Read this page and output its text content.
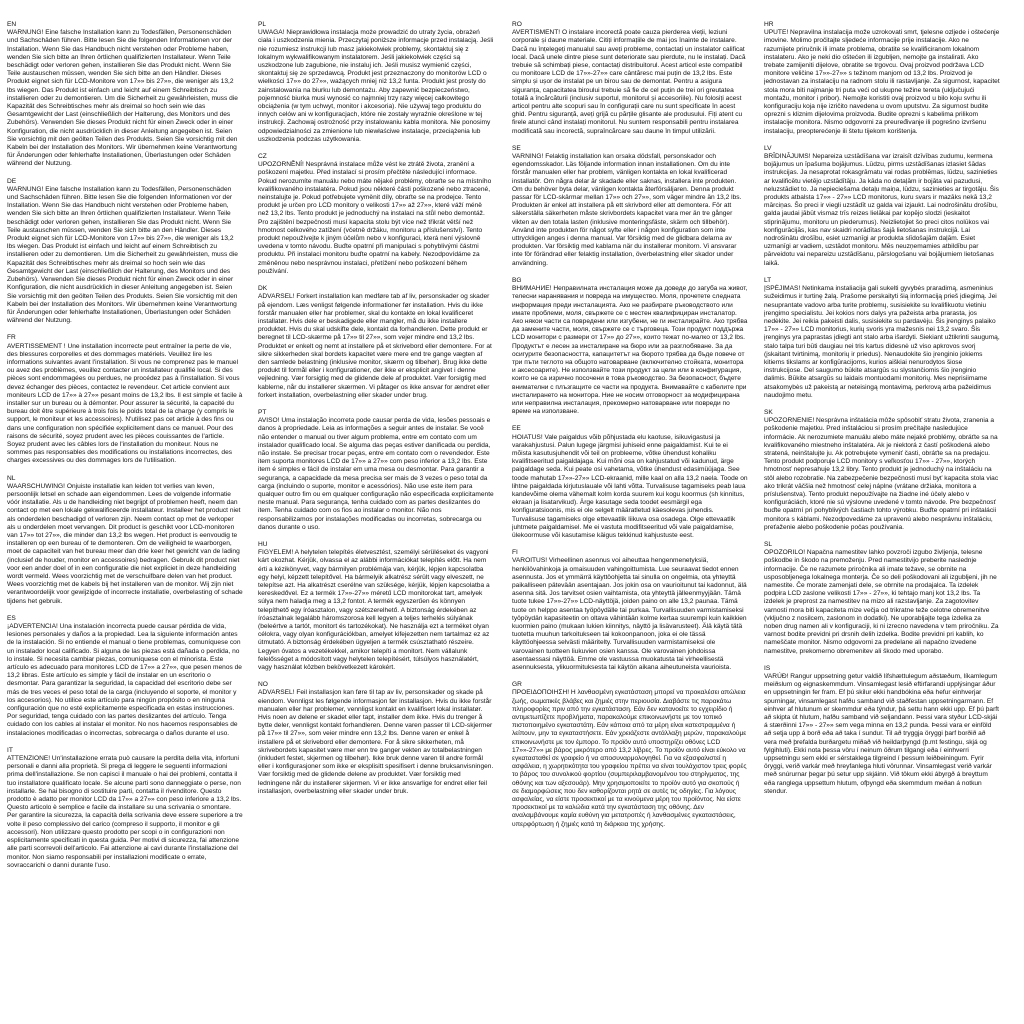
EN
WARNUNG! Eine falsche Installation kann zu Todesfällen, Personenschäden und Sachschäden führen. Bitte lesen Sie die folgenden Informationen vor der Installation. Wenn Sie das Handbuch nicht verstehen oder Probleme haben, wenden Sie sich bitte an Ihren örtlichen qualifizierten Installateur. Wenn Teile beschädigt oder verloren gehen, installieren Sie das Produkt nicht. Wenn Sie Teile austauschen müssen, wenden Sie sich bitte an den Händler. Dieses Produkt eignet sich für LCD-Monitore von 17»» bis 27»», die weniger als 13,2 lbs wiegen. Das Produkt ist einfach und leicht auf einem Schreibtisch zu installieren oder zu demontieren. Um die Sicherheit zu gewährleisten, muss die Kapazität des Schreibtisches mehr als dreimal so hoch sein wie das Gesamtgewicht der Last (einschließlich der Halterung, des Monitors und des Zubehörs). Verwenden Sie dieses Produkt nicht für einen Zweck oder in einer Konfiguration, die nicht ausdrücklich in dieser Anleitung angegeben ist. Seien Sie vorsichtig mit den geölten Teilen des Produkts. Seien Sie vorsichtig mit den Kabeln bei der Installation des Monitors. Wir übernehmen keine Verantwortung für Änderungen oder fehlerhafte Installationen, Überlastungen oder Schäden während der Nutzung.
DE
WARNUNG! Eine falsche Installation kann zu Todesfällen, Personenschäden und Sachschäden führen. Bitte lesen Sie die folgenden Informationen vor der Installation. Wenn Sie das Handbuch nicht verstehen oder Probleme haben, wenden Sie sich bitte an Ihren örtlichen qualifizierten Installateur. Wenn Teile beschädigt oder verloren gehen, installieren Sie das Produkt nicht. Wenn Sie Teile austauschen müssen, wenden Sie sich bitte an den Händler. Dieses Produkt eignet sich für LCD-Monitore von 17»» bis 27»», die weniger als 13,2 lbs wiegen. Das Produkt ist einfach und leicht auf einem Schreibtisch zu installieren oder zu demontieren. Um die Sicherheit zu gewährleisten, muss die Kapazität des Schreibtisches mehr als dreimal so hoch sein wie das Gesamtgewicht der Last (einschließlich der Halterung, des Monitors und des Zubehörs). Verwenden Sie dieses Produkt nicht für einen Zweck oder in einer Konfiguration, die nicht ausdrücklich in dieser Anleitung angegeben ist. Seien Sie vorsichtig mit den geölten Teilen des Produkts. Seien Sie vorsichtig mit den Kabeln bei der Installation des Monitors. Wir übernehmen keine Verantwortung für Änderungen oder fehlerhafte Installationen, Überlastungen oder Schäden während der Nutzung.
FR
AVERTISSEMENT ! Une installation incorrecte peut entraîner la perte de vie, des blessures corporelles et des dommages matériels. Veuillez lire les informations suivantes avant l'installation. Si vous ne comprenez pas le manuel ou avez des problèmes, veuillez contacter un installateur qualifié local. Si des pièces sont endommagées ou perdues, ne procédez pas à l'installation. Si vous devez échanger des pièces, contactez le revendeur. Cet article convient aux moniteurs LCD de 17»» à 27»» pesant moins de 13,2 lbs. Il est simple et facile à installer sur un bureau ou à démonter. Pour assurer la sécurité, la capacité du bureau doit être supérieure à trois fois le poids total de la charge (y compris le support, le moniteur et les accessoires). N'utilisez pas cet article à des fins ou dans une configuration non spécifiée explicitement dans ce manuel. Pour des raisons de sécurité, soyez prudent avec les pièces couissantes de l'article. Soyez prudent avec les câbles lors de l'installation du moniteur. Nous ne sommes pas responsables des modifications ou installations incorrectes, des charges excessives ou des dommages lors de l'utilisation.
NL
WAARSCHUWING! Onjuiste installatie kan leiden tot verlies van leven, persoonlijk letsel en schade aan eigendommen. Lees de volgende informatie vóór installatie. Als u de handleiding niet begrijpt of problemen heeft, neem dan contact op met een lokale gekwalificeerde installateur. Installeer het product niet als onderdelen beschadigd of verloren zijn. Neem contact op met de verkoper als u onderdelen moet vervangen. Dit product is geschikt voor LCD-monitoren van 17»» tot 27»», die minder dan 13,2 lbs wegen. Het product is eenvoudig te installeren op een bureau of te demonteren. Om de veiligheid te waarborgen, moet de capaciteit van het bureau meer dan drie keer het gewicht van de lading (inclusief de houder, monitor en accessoires) bedragen. Gebruik dit product niet voor een ander doel of in een configuratie die niet expliciet in deze handleiding wordt vermeld. Wees voorzichtig met de verschuifbare delen van het product. Wees voorzichtig met de kabels bij het installeren van de monitor. Wij zijn niet verantwoordelijk voor gewijzigde of incorrecte installatie, overbelasting of schade tijdens het gebruik.
ES
¡ADVERTENCIA! Una instalación incorrecta puede causar pérdida de vida, lesiones personales y daños a la propiedad. Lea la siguiente información antes de la instalación. Si no entiende el manual o tiene problemas, comuníquese con un instalador local calificado. Si alguna de las piezas está dañada o perdida, no lo instale. Si necesita cambiar piezas, comuníquese con el minorista. Este artículo es adecuado para monitores LCD de 17»» a 27»», que pesen menos de 13,2 libras. Este artículo es simple y fácil de instalar en un escritorio o desmontar. Para garantizar la seguridad, la capacidad del escritorio debe ser más de tres veces el peso total de la carga (incluyendo el soporte, el monitor y los accesorios). No utilice este artículo para ningún propósito o en ninguna configuración que no esté explícitamente especificada en estas instrucciones. Por seguridad, tenga cuidado con las partes deslizantes del artículo. Tenga cuidado con los cables al instalar el monitor. No nos hacemos responsables de instalaciones modificadas o incorrectas, sobrecarga o daños durante el uso.
IT
ATTENZIONE! Un'installazione errata può causare la perdita della vita, infortuni personali e danni alla proprietà. Si prega di leggere le seguenti informazioni prima dell'installazione. Se non capisci il manuale o hai dei problemi, contatta il tuo installatore qualificato locale. Se alcune parti sono danneggiate o perse, non installarle. Se hai bisogno di sostituire parti, contatta il rivenditore. Questo prodotto è adatto per monitor LCD da 17»» a 27»» con peso inferiore a 13,2 lbs. Questo articolo è semplice e facile da installare su una scrivania o smontare. Per garantire la sicurezza, la capacità della scrivania deve essere superiore a tre volte il peso complessivo del carico (compreso il supporto, il monitor e gli accessori). Non utilizzare questo prodotto per scopi o in configurazioni non esplicitamente specificati in questa guida. Per motivi di sicurezza, fai attenzione alle parti scorrevoli dell'articolo. Fai attenzione ai cavi durante l'installazione del monitor. Non siamo responsabili per installazioni modificate o errate, sovraccarichi o danni durante l'uso.
PL
UWAGA! Nieprawidłowa instalacja może prowadzić do utraty życia, obrażeń ciała i uszkodzenia mienia. Przeczytaj poniższe informacje przed instalacją. Jeśli nie rozumiesz instrukcji lub masz jakiekolwiek problemy, skontaktuj się z lokalnym wykwalifikowanym instalatorem. Jeśli jakiekolwiek części są uszkodzone lub zagubione, nie instaluj ich. Jeśli musisz wymienić części, skontaktuj się ze sprzedawcą. Produkt jest przeznaczony do monitorów LCD o wielkości 17»» do 27»», ważących mniej niż 13,2 funta. Produkt jest prosty do zainstalowania na biurku lub demontażu. Aby zapewnić bezpieczeństwo, pojemność biurka musi wynosić co najmniej trzy razy więcej całkowitego obciążenia (w tym uchwyt, monitor i akcesoria). Nie używaj tego produktu do innych celów ani w konfiguracjach, które nie zostały wyraźnie określone w tej instrukcji. Zachowaj ostrożność przy instalowaniu kabla monitora. Nie ponosimy odpowiedzialności za zmienione lub niewłaściwe instalacje, przeciążenia lub uszkodzenia podczas użytkowania.
CZ
UPOZORNĚNÍ! Nesprávná instalace může vést ke ztrátě života, zranění a poškození majetku. Před instalací si prosím přečtěte následující informace. Pokud nerozumíte manuálu nebo máte nějaké problémy, obraťte se na místního kvalifikovaného instalatéra. Pokud jsou některé části poškozené nebo ztracené, neinstalujte je. Pokud potřebujete vyměnit díly, obraťte se na prodejce. Tento produkt je určen pro LCD monitory o velikosti 17»» až 27»», které váží méně než 13,2 lbs. Tento produkt je jednoduchý na instalaci na stůl nebo demontáž. Pro zajištění bezpečnosti musí kapacita stolu být více než třikrát větší než hmotnost celkového zatížení (včetně držáku, monitoru a příslušenství). Tento produkt nepoužívejte k jiným účelům nebo v konfiguraci, která není výslovně uvedena v tomto návodu. Buďte opatrní při manipulaci s pohyblivými částmi produktu. Při instalaci monitoru buďte opatrní na kabely. Nezodpovídáme za změněnou nebo nesprávnou instalaci, přetížení nebo poškození během používání.
DK
ADVARSEL! Forkert installation kan medføre tab af liv, personskader og skader på ejendom. Læs venligst følgende informationer før installation. Hvis du ikke forstår manualen eller har problemer, skal du kontakte en lokal kvalificeret installatør. Hvis dele er beskadigede eller mangler, må du ikke installere produktet. Hvis du skal udskifte dele, kontakt da forhandleren. Dette produkt er beregnet til LCD-skærme på 17»» til 27»», som vejer mindre end 13,2 lbs. Produktet er enkelt og nemt at installere på et skrivebord eller demontere. For at sikre sikkerheden skal bordets kapacitet være mere end tre gange vægten af den samlede belastning (inklusive monitor, skærm og tilbehør). Brug ikke dette produkt til formål eller i konfigurationer, der ikke er eksplicit angivet i denne vejledning. Vær forsigtig med de glidende dele af produktet. Vær forsigtig med kablerne, når du installerer skærmen. Vi påtager os ikke ansvar for ændret eller forkert installation, overbelastning eller skader under brug.
PT
AVISO! Uma instalação incorreta pode causar perda de vida, lesões pessoais e danos à propriedade. Leia as informações a seguir antes de instalar. Se você não entender o manual ou tiver algum problema, entre em contato com um instalador qualificado local. Se alguma das peças estiver danificada ou perdida, não instale. Se precisar trocar peças, entre em contato com o revendedor. Este item suporta monitores LCD de 17»» a 27»» com peso inferior a 13,2 lbs. Este item é simples e fácil de instalar em uma mesa ou desmontar. Para garantir a segurança, a capacidade da mesa precisa ser mais de 3 vezes o peso total da carga (incluindo o suporte, monitor e acessórios). Não use este item para qualquer outro fim ou em qualquer configuração não especificada explicitamente neste manual. Para segurança, tenha cuidado com as partes deslizantes do item. Tenha cuidado com os fios ao instalar o monitor. Não nos responsabilizamos por instalações modificadas ou incorretas, sobrecarga ou danos durante o uso.
HU
FIGYELEM! A helytelen telepítés életvesztést, személyi sérüléseket és vagyoni kárt okozhat. Kérjük, olvassa el az alábbi információkat telepítés előtt. Ha nem érti a kézikönyvet, vagy bármilyen problémája van, kérjük, lépjen kapcsolatba egy helyi, képzett telepítővel. Ha bármelyik alkatrész sérült vagy elveszett, ne telepítse azt. Ha alkatrészt cserélne van szüksége, kérjük, lépjen kapcsolatba a kereskedővel. Ez a termék 17»»-27»» méretű LCD monitorokat tart, amelyek súlya nem haladja meg a 13,2 fontot. A termék egyszerűen és könnyen telepíthető egy íróasztalon, vagy szétszerelhető. A biztonság érdekében az íróasztalnak legalább háromszorosa kell legyen a teljes terhelés súlyának (beleértve a tartót, monitort és tartozékokat). Ne használja ezt a terméket olyan célokra, vagy olyan konfigurációkban, amelyet kifejezetten nem tartalmaz ez az útmutató. A biztonság érdekében ügyeljen a termék csúsztatható részeire. Legyen óvatos a vezetékekkel, amikor telepíti a monitort. Nem vállalunk felelősséget a módosított vagy helytelen telepítésért, túlsúlyos használatért, vagy használat közben bekövetkezett károkért.
NO
ADVARSEL! Feil installasjon kan føre til tap av liv, personskader og skade på eiendom. Vennligst les følgende informasjon før installasjon. Hvis du ikke forstår manualen eller har problemer, vennligst kontakt en kvalifisert lokal installatør. Hvis noen av delene er skadet eller tapt, installer dem ikke. Hvis du trenger å bytte deler, vennligst kontakt forhandleren. Denne varen passer til LCD-skjermer på 17»» til 27»», som veier mindre enn 13,2 lbs. Denne varen er enkel å installere på et skrivebord eller demontere. For å sikre sikkerheten, må skrivebordets kapasitet være mer enn tre ganger vekten av totalbelastningen (inkludert festet, skjermen og tilbehør). Ikke bruk denne varen til andre formål eller i konfigurasjoner som ikke er eksplisitt spesifisert i denne bruksanvisningen. Vær forsiktig med de glidende delene av produktet. Vær forsiktig med ledningene når du installerer skjermen. Vi er ikke ansvarlige for endret eller feil installasjon, overbelastning eller skader under bruk.
RO
AVERTISMENT! O instalare incorectă poate cauza pierderea vieții, leziuni corporale și daune materiale. Citiți informațiile de mai jos înainte de instalare. Dacă nu înțelegeți manualul sau aveți probleme, contactați un instalator calificat local. Dacă unele dintre piese sunt deteriorate sau pierdute, nu le instalați. Dacă trebuie să schimbați piese, contactați distribuitorul. Acest articol este compatibil cu monitoare LCD de 17»»-27»» care cântăresc mai puțin de 13,2 lbs. Este simplu și ușor de instalat pe un birou sau de demontat. Pentru a asigura siguranța, capacitatea biroului trebuie să fie de cel puțin de trei ori greutatea totală a încărcăturii (inclusiv suportul, monitorul și accesoriile). Nu folosiți acest articol pentru alte scopuri sau în configurații care nu sunt specificate în acest ghid. Pentru siguranță, aveți grijă cu părțile glisante ale produsului. Fiți atent cu firele atunci când instalați monitorul. Nu suntem responsabili pentru instalarea modificată sau incorectă, supraîncărcare sau daune în timpul utilizării.
SE
VARNING! Felaktig installation kan orsaka dödsfall, personskador och egendomsskador. Läs följande information innan installationen. Om du inte förstår manualen eller har problem, vänligen kontakta en lokal kvalificerad installatör. Om några delar är skadade eller saknas, installera inte produkten. Om du behöver byta delar, vänligen kontakta återförsäljaren. Denna produkt passar för LCD-skärmar mellan 17»» och 27»», som väger mindre än 13,2 lbs. Produkten är enkel att installera på ett skrivbord eller att demontera. För att säkerställa säkerheten måste skrivbordets kapacitet vara mer än tre gånger vikten av den totala lasten (inklusive monteringsfäste, skärm och tillbehör). Använd inte produkten för något syfte eller i någon konfiguration som inte uttryckligen anges i denna manual. Var försiktig med de glidbara delarna av produkten. Var försiktig med kablarna när du installerar monitorn. Vi ansvarar inte för förändrad eller felaktig installation, överbelastning eller skador under användning.
BG
ВНИМАНИЕ! Неправилната инсталация може да доведе до загуба на живот, телесни наранявания и повреда на имущество. Моля, прочетете следната информация преди инсталацията. Ако не разбирате ръководството или имате проблеми, моля, свържете се с местен квалифициран инсталатор. Ако някои части са повредени или изгубени, не ги инсталирайте. Ако трябва да замените части, моля, свържете се с търговеца. Този продукт поддържа LCD монитори с размери от 17»» до 27»», които тежат по-малко от 13,2 lbs. Продуктът е лесен за инсталиране на бюро или за разглобяване. За да осигурите безопасността, капацитетът на бюрото трябва да бъде повече от три пъти теглото на общото натоварване (включително стойката, монитора и аксесоарите). Не използвайте този продукт за цели или в конфигурация, които не са изрично посочени в това ръководство. За безопасност, бъдете внимателни с плъзгащите се части на продукта. Внимавайте с кабелите при инсталирането на монитора. Ние не носим отговорност за модифицирана или неправилна инсталация, прекомерно натоварване или повреди по време на използване.
EE
HOIATUS! Vale paigaldus võib põhjustada elu kaotuse, isikuvigastusi ja varakahjustusi. Palun lugege järgmisi juhiseid enne paigaldamist. Kui te ei mõista kasutusjuhendit või teil on probleeme, võtke ühendust kohaliku kvalifitseeritud paigaldajaga. Kui mõni osa on kahjustatud või kadunud, ärge paigaldage seda. Kui peate osi vahetama, võtke ühendust edasimüüjaga. See toode mahutab 17»»-27»» LCD-ekraanid, mille kaal on alla 13,2 naela. Toode on lihtne paigaldada kirjutuslauale või lahti võtta. Turvalisuse tagamiseks peab laua kandevõime olema vähemalt kolm korda suurem kui kogu koormus (sh kinnitus, ekraan ja lisatarvikud). Ärge kasutage seda toodet eesmärgil ega konfiguratsioonis, mis ei ole selgelt määratletud käesolevas juhendis. Turvalisuse tagamiseks olge ettevaatlik liikuva osa osadega. Olge ettevaatlik juhtmete paigaldamisel. Me ei vastuta modifitseeritud või vale paigaldamise, ülekoormuse või kasutamise käigus tekkinud kahjustuste eest.
FI
VAROITUS! Virheellinen asennus voi aiheuttaa hengenmenetyksiä, henkilövahinkoja ja omaisuuden vahingoittumista. Lue seuraavat tiedot ennen asennusta. Jos et ymmärrä käyttöohjetta tai sinulla on ongelmia, ota yhteyttä paikalliseen pätevään asentajaan. Jos jokin osa on vaurioitunut tai kadonnut, älä asenna sitä. Jos tarvitset osien vaihtamista, ota yhteyttä jälleenmyyjään. Tämä tuote tukee 17»»-27»» LCD-näyttöjä, joiden paino on alle 13,2 paunaa. Tämä tuote on helppo asentaa työpöydälle tai purkaa. Turvallisuuden varmistamiseksi työpöydän kapasiteetin on oltava vähintään kolme kertaa suurempi kuin kaikkien kuormien paino (mukaan lukien kiinnitys, näyttö ja lisävarusteet). Älä käytä tätä tuotetta muuhun tarkoitukseen tai kokoonpanoon, joka ei ole tässä käyttöohjeessa selvästi määritelty. Turvallisuuden varmistamiseksi ole varovainen tuotteen liukuvien osien kanssa. Ole varovainen johdoissa asentaessasi näyttöä. Emme ole vastuussa muokatusta tai virheellisestä asennuksesta, ylikuormituksesta tai käytön aikana aiheutuneista vaurioista.
GR
ΠΡΟΕΙΔΟΠΟΙΗΣΗ! Η λανθασμένη εγκατάσταση μπορεί να προκαλέσει απώλεια ζωής, σωματικές βλάβες και ζημιές στην περιουσία. Διαβάστε τις παρακάτω πληροφορίες πριν από την εγκατάσταση. Εάν δεν κατανοείτε το εγχειρίδιο ή αντιμετωπίζετε προβλήματα, παρακαλούμε επικοινωνήστε με τον τοπικό πιστοποιημένο εγκαταστάτη. Εάν κάποια από τα μέρη είναι κατεστραμμένα ή λείπουν, μην τα εγκαταστήσετε. Εάν χρειάζεστε αντάλλαξη μερών, παρακαλούμε επικοινωνήστε με τον έμπορο. Το προϊόν αυτό υποστηρίζει οθόνες LCD 17»»-27»» με βάρος μικρότερο από 13,2 λίβρες. Το προϊόν αυτό είναι εύκολο να εγκατασταθεί σε γραφείο ή να αποσυναρμολογηθεί. Για να εξασφαλιστεί η ασφάλεια, η χωρητικότητα του γραφείου πρέπει να είναι τουλάχιστον τρεις φορές το βάρος του συνολικού φορτίου (συμπεριλαμβανομένου του στηρίγματος, της οθόνης και των αξεσουάρ). Μην χρησιμοποιείτε το προϊόν αυτό για σκοπούς ή σε διαμορφώσεις που δεν καθορίζονται ρητά σε αυτές τις οδηγίες. Για λόγους ασφαλείας, να είστε προσεκτικοί με τα κινούμενα μέρη του προϊόντος. Να είστε προσεκτικοί με τα καλώδια κατά την εγκατάσταση της οθόνης. Δεν αναλαμβάνουμε καμία ευθύνη για μετατροπές ή λανθασμένες εγκαταστάσεις, υπερφόρτωση ή ζημιές κατά τη διάρκεια της χρήσης.
HR
UPUTE! Nepravilna instalacija može uzrokovati smrt, tjelesne ozljede i oštećenje imovine. Molimo pročitajte sljedeće informacije prije instalacije. Ako ne razumijete priručnik ili imate problema, obratite se kvalificiranom lokalnom instalateru. Ako je neki dio oštećen ili izgubljen, nemojte ga instalirati. Ako trebate zamijeniti dijelove, obratite se trgovcu. Ovaj proizvod podržava LCD monitore veličine 17»»-27»» s težinom manjom od 13,2 lbs. Proizvod je jednostavan za instalaciju na radnom stolu ili rastavljanje. Za sigurnost, kapacitet stola mora biti najmanje tri puta veći od ukupne težine tereta (uključujući montažu, monitor i pribor). Nemojte koristiti ovaj proizvod u bilo koju svrhu ili konfiguraciju koja nije izričito navedena u ovom uputstvu. Za sigurnost budite oprezni s kliznim dijelovima proizvoda. Budite oprezni s kabelima prilikom instalacije monitora. Nismo odgovorni za preuređivanje ili pogrešno izvršenu instalaciju, preopterećenje ili štetu tijekom korištenja.
LV
BRĪDINĀJUMS! Nepareiza uzstādīšana var izraisīt dzīvības zudumu, kermena bojājumus un īpašuma bojājumus. Lūdzu, pirms uzstādīšanas izlasiet šādas instrukcijas. Ja nesaprotat rokasgrāmatu vai rodas problēmas, lūdzu, sazinieties ar kvalificētu vietējo uzstādītāju. Ja kāda no detaļām ir bojāta vai pazudusi, neluzstādiet to. Ja nepieciešama detaļu maiņa, lūdzu, sazinieties ar tirgotāju. Šis produkts atbalsta 17»» - 27»» LCD monitorus, kuru svars ir mazāks nekā 13,2 mārciņas. Šo preci ir viegli uzstādīt uz galda vai izjaukt. Lai nodrošinātu drošību, galda jaudai jābūt vismaz trīs reizes lielākai par kopējo slodzi (ieskaitot stiprinājumu, monitoru un piederumus). Neizlietojiet šo preci citos nolūkos vai konfigurācijās, kas nav skaidri norādītas šajā lietošanas instrukcijā. Lai nodrošinātu drošību, esiet uzmanīgi ar produkta slīdošajām daļām. Esiet uzmanīgi ar vadiem, uzstādot monitoru. Mēs neuzņemamies atbildību par pārveidotu vai nepareizu uzstādīšanu, pārslogošanu vai bojājumiem lietošanas laikā.
LT
ĮSPĖJIMAS! Netinkama instaliacija gali sukelti gyvybės praradimą, asmeninius sužeidimus ir turtinę žalą. Prašome perskaityti šią informaciją prieš įdiegimą. Jei nesuprantate vadovo arba turite problemų, susisiekite su kvalifikuotu vietiniu įrengimo specialistu. Jei kokios nors dalys yra pažeista arba prarasta, jos nedėkite. Jei reikia pakeisti dalis, susisiekite su pardavėju. Šis įrenginys palaiko 17»» - 27»» LCD monitorius, kurių svoris yra mažesnis nei 13,2 svaro. Šis įrenginys yra paprastas įdiegti ant stalo arba išardyti. Siekiant užtikrinti saugumą, stalo talpa turi būti daugiau nei tris kartus didesnė už viso apkrovos svorį (įskaitant tvirtinimą, monitorių ir priedus). Nenaudokite šio įrenginio jokiems kitiems tikslams ar konfigūracijoms, kurios aiškiai nenurodytos šiose instrukcijose. Del saugumo būkite atsargūs su slystančiomis šio įrenginio dalimis. Būkite atsargūs su laidais montuodami monitorių. Mes neprisiimame atsakomybės už pakeistą ar neteisingą montavimą, perkrovą arba pažeidimus naudojimo metu.
SK
UPOZORNENIE! Nesprávna inštalácia môže spôsobiť stratu života, zranenia a poškodenie majetku. Pred inštaláciou si prosím prečítajte nasledujúce informácie. Ak nerozumiete manuálu alebo máte nejaké problémy, obráťte sa na kvalifikovaného miestneho inštalatéra. Ak je niektorá z častí poškodená alebo stratená, neinštalujte ju. Ak potrebujete vymeniť časti, obráťte sa na predajcu. Tento produkt podporuje LCD monitory s veľkosťou 17»» - 27»», ktorých hmotnosť nepresahuje 13,2 libry. Tento produkt je jednoduchý na inštaláciu na stôl alebo rozobratie. Na zabezpečenie bezpečnosti musí byť kapacita stola viac ako trikrát väčšia než hmotnosť celej náplne (vrátane držiaka, monitora a príslušenstva). Tento produkt nepoužívajte na žiadne iné účely alebo v konfiguráciách, ktoré nie sú výslovne uvedené v tomto návode. Pre bezpečnosť buďte opatrní pri pohyblivých častiach tohto výrobku. Buďte opatrní pri inštalácii monitora s káblami. Nezodpovedáme za upravenú alebo nesprávnu inštaláciu, preťaženie alebo poškodenie počas používania.
SL
OPOZORILO! Napačna namestitev lahko povzroči izgubo življenja, telesne poškodbe in škodo na premoženju. Pred namestitvijo preberite naslednje informacije. Če ne razumete priročnika ali imate težave, se obrnite na usposobljenega lokalnega monterja. Če so deli poškodovani ali izgubljeni, jih ne namestite. Če morate zamenjati dele, se obrnite na prodajalca. Ta izdelek podpira LCD zaslone velikosti 17»» - 27»», ki tehtajo manj kot 13,2 lbs. Ta izdelek je preprost za namestitev na mizo ali razstavljanje. Za zagotovitev varnosti mora biti kapaciteta mize večja od trikratne teže celotne obremenitve (vključno z nosilcem, zaslonom in dodatki). Ne uporabljajte tega izdelka za noben drug namen ali v konfiguraciji, ki ni izrecno navedena v tem priročniku. Za varnost bodite previdni pri drsnih delih izdelka. Bodite previdni pri kablih, ko nameščate monitor. Nismo odgovorni za predelane ali napačno izvedene namestitve, prekomerno obremenitev ali škodo med uporabo.
IS
VARÚÐ! Rangur uppsetning getur valdið lífshættulegum aðstæðum, líkamlegum meiðslum og eignaskemmdum. Vinsamlegast lesið eftirfarandi upplýsingar áður en uppsetningin fer fram. Ef þú skilur ekki handbókina eða hefur einhverjar spurningar, vinsamlegast hafðu samband við staðfestan uppsetningarmann. Ef einhver af hlutunum er skemmdur eða týndur, þá settu hann ekki upp. Ef þú þarft að skipta út hlutum, hafðu samband við seljandann. Þessi vara styður LCD-skjái á stærðinni 17»» - 27»» sem vega minna en 13,2 punda. Þessi vara er einföld að setja upp á borð eða að taka í sundur. Til að tryggja öryggi þarf borðið að vera með þrefalda burðargetu miðað við heildarþyngd (þ.mt festingu, skjá og fylgihluti). Ekki nota þessa vöru í neinum öðrum tilgangi eða í einhverri uppsetningu sem ekki er sérstaklega tilgreind í þessum leiðbeiningum. Fyrir öryggi, verið varkár með hreyfanlega hluti vörunnar. Vinsamlegast verið varkár með snúrurnar þegar þú setur upp skjáinn. Við tökum ekki ábyrgð á breyttum eða ranglega uppsettum hlutum, ofþyngd eða skemmdum meðan á notkun stendur.
